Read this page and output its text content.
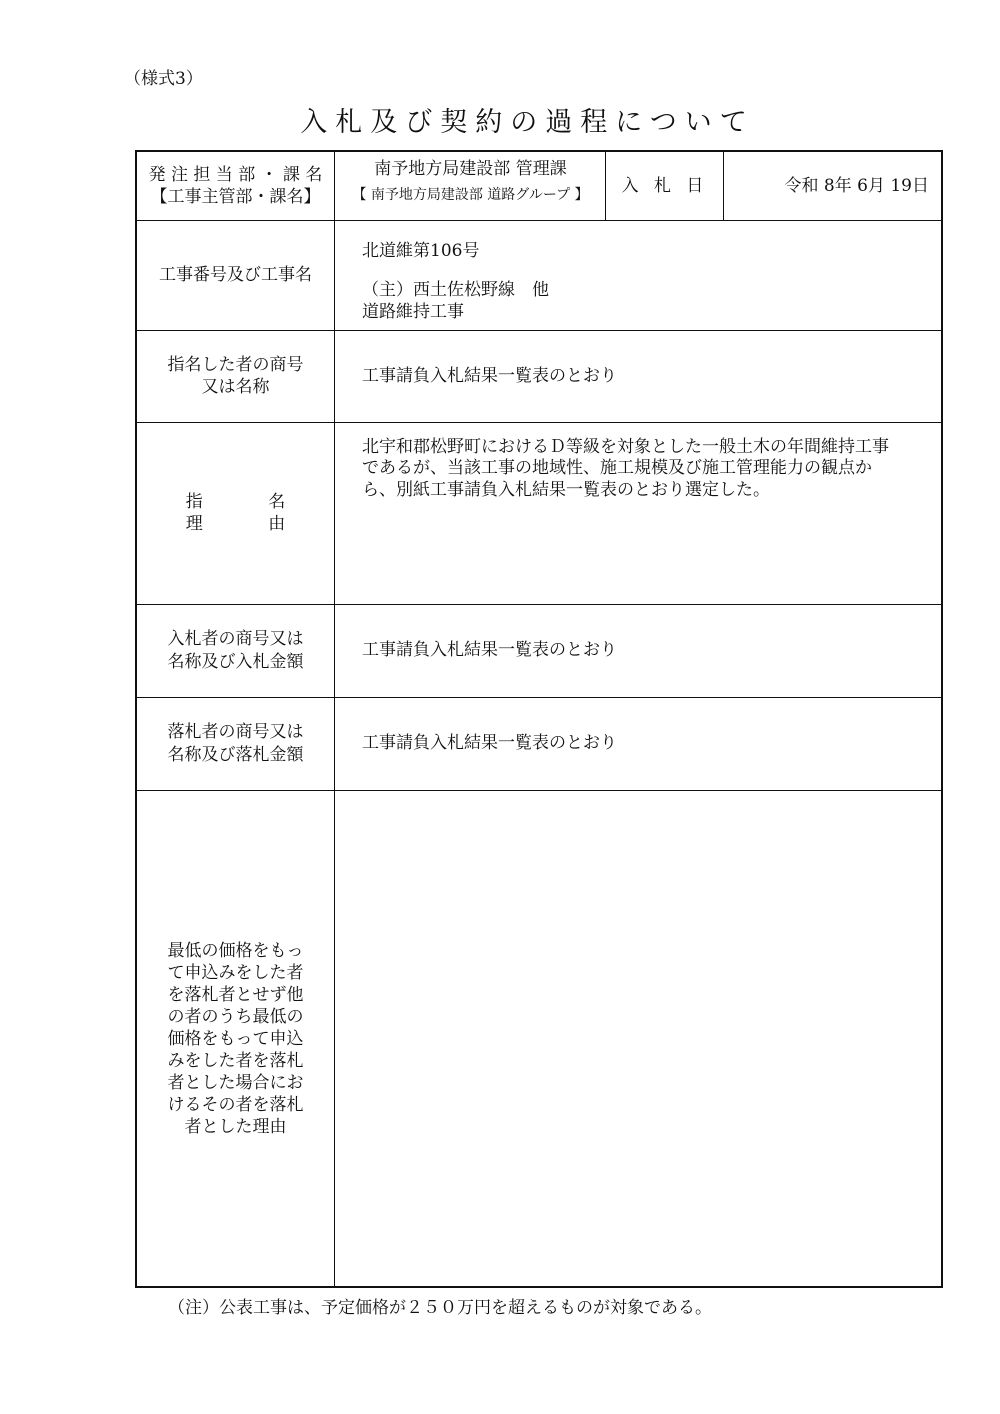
（様式3）
入札及び契約の過程について
発 注 担 当 部 ・ 課 名
【工事主管部・課名】
南予地方局建設部 管理課
【 南予地方局建設部 道路グループ 】	入 札 日	令和 8年 6月 19日
工事番号及び工事名
北道維第106号
（主）西土佐松野線　他
道路維持工事
指名した者の商号
又は名称
工事請負入札結果一覧表のとおり
指 名 理 由
北宇和郡松野町におけるＤ等級を対象とした一般土木の年間維持工事
であるが、当該工事の地域性、施工規模及び施工管理能力の観点か
ら、別紙工事請負入札結果一覧表のとおり選定した。
入札者の商号又は
名称及び入札金額
工事請負入札結果一覧表のとおり
落札者の商号又は
名称及び落札金額
工事請負入札結果一覧表のとおり
最低の価格をもっ
て申込みをした者
を落札者とせず他
の者のうち最低の
価格をもって申込
みをした者を落札
者とした場合にお
けるその者を落札
者とした理由
（注）公表工事は、予定価格が２５０万円を超えるものが対象である。
